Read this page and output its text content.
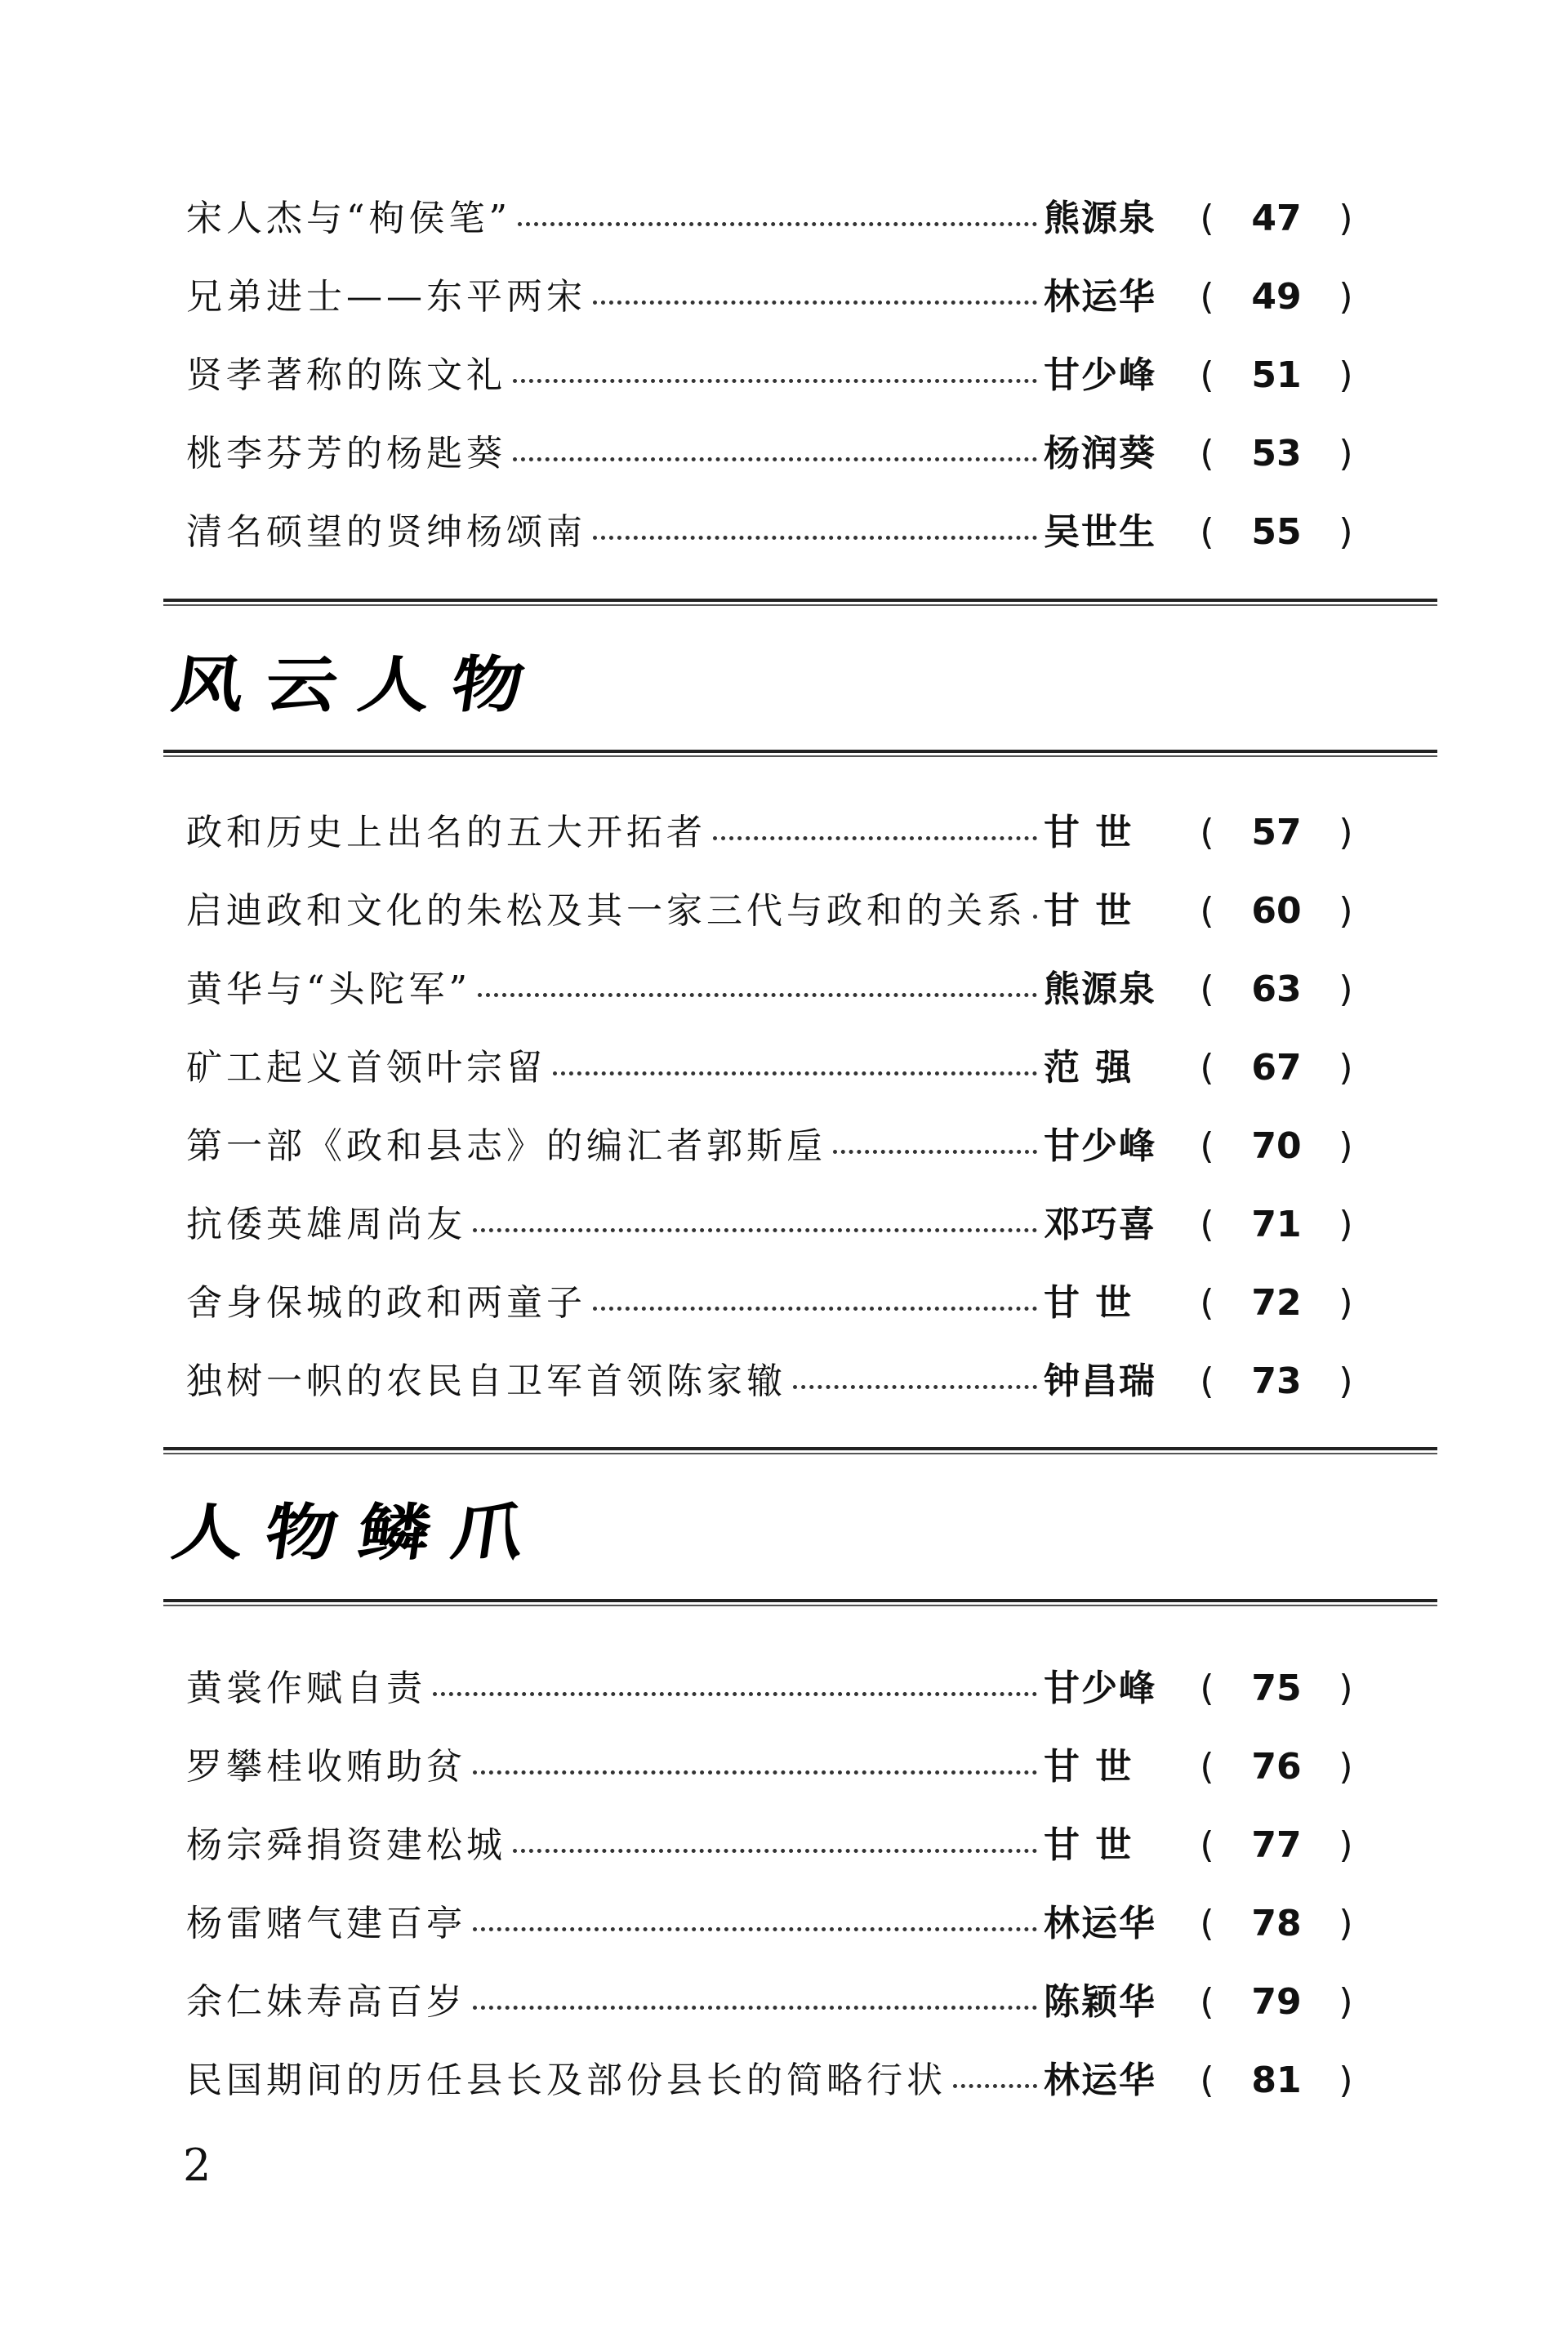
宋人杰与“枸侯笔”	熊源泉	(	47	)
兄弟进士——东平两宋	林运华	(	49	)
贤孝著称的陈文礼	甘少峰	(	51	)
桃李芬芳的杨匙葵	杨润葵	(	53	)
清名硕望的贤绅杨颂南	吴世生	(	55	)
风云人物
政和历史上出名的五大开拓者	甘 世	(	57	)
启迪政和文化的朱松及其一家三代与政和的关系 甘 世	(	60	)
黄华与“头陀军”	熊源泉	(	63	)
矿工起义首领叶宗留	范 强	(	67	)
第一部《政和县志》的编汇者郭斯垕	甘少峰	(	70	)
抗倭英雄周尚友	邓巧喜	(	71	)
舍身保城的政和两童子	甘 世	(	72	)
独树一帜的农民自卫军首领陈家辙	钟昌瑞	(	73	)
人物鳞爪
黄裳作赋自责	甘少峰	(	75	)
罗攀桂收贿助贫	甘 世	(	76	)
杨宗舜捐资建松城	甘 世	(	77	)
杨雷赌气建百亭	林运华	(	78	)
余仁妹寿高百岁	陈颖华	(	79	)
民国期间的历任县长及部份县长的简略行状	林运华	(	81	)
2
